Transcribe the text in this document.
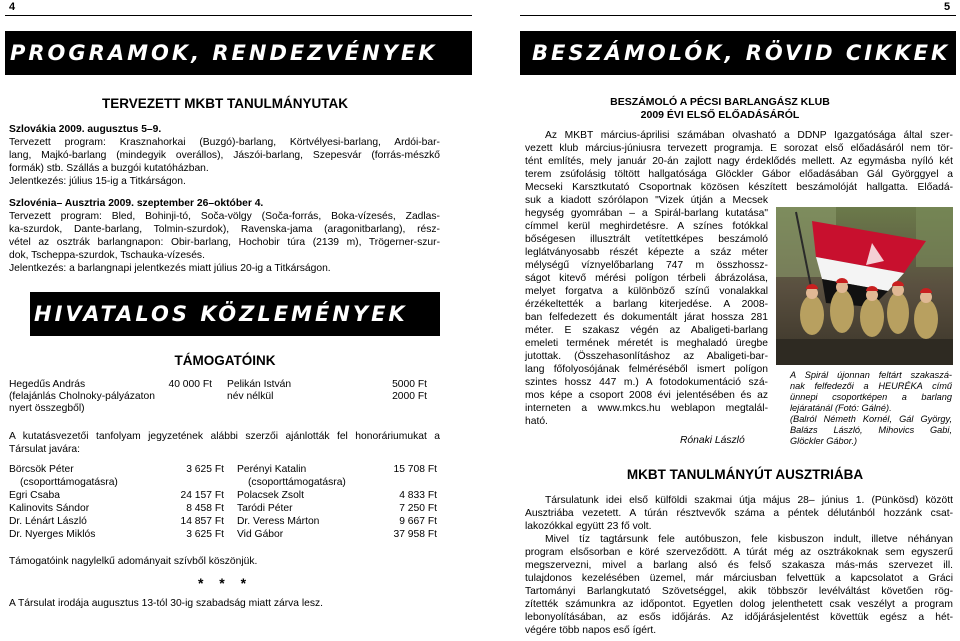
4
PROGRAMOK, RENDEZVÉNYEK
TERVEZETT MKBT TANULMÁNYUTAK
Szlovákia 2009. augusztus 5–9.
Tervezett program: Krasznahorkai (Buzgó)-barlang, Körtvélyesi-barlang, Ardói-bar-
lang, Majkó-barlang (mindegyik overállos), Jászói-barlang, Szepesvár (forrás-mészkő
formák) stb. Szállás a buzgói kutatóházban.
Jelentkezés: július 15-ig a Titkárságon.
Szlovénia– Ausztria 2009. szeptember 26–október 4.
Tervezett program: Bled, Bohinji-tó, Soča-völgy (Soča-forrás, Boka-vízesés, Zadlas-
ka-szurdok, Dante-barlang, Tolmin-szurdok), Ravenska-jama (aragonitbarlang), rész-
vétel az osztrák barlangnapon: Obir-barlang, Hochobir túra (2139 m), Trögerner-szur-
dok, Tscheppa-szurdok, Tschauka-vízesés.
Jelentkezés: a barlangnapi jelentkezés miatt július 20-ig a Titkárságon.
HIVATALOS KÖZLEMÉNYEK
TÁMOGATÓINK
Hegedűs András	40 000 Ft Pelikán István	5000 Ft
(felajánlás Cholnoky-pályázaton	név nélkül	2000 Ft
nyert összegből)
A kutatásvezetői tanfolyam jegyzetének alábbi szerzői ajánlották fel honoráriumukat a
Társulat javára:
Börcsök Péter	3 625 Ft Perényi Katalin	15 708 Ft
(csoporttámogatásra)	(csoporttámogatásra)
Egri Csaba	24 157 Ft Polacsek Zsolt	4 833 Ft
Kalinovits Sándor	8 458 Ft Taródi Péter	7 250 Ft
Dr. Lénárt László	14 857 Ft Dr. Veress Márton	9 667 Ft
Dr. Nyerges Miklós	3 625 Ft Vid Gábor	37 958 Ft
Támogatóink nagylelkű adományait szívből köszönjük.
* * *
A Társulat irodája augusztus 13-tól 30-ig szabadság miatt zárva lesz.
5
BESZÁMOLÓK, RÖVID CIKKEK
BESZÁMOLÓ A PÉCSI BARLANGÁSZ KLUB
2009 ÉVI ELSŐ ELŐADÁSÁRÓL
Az MKBT március-áprilisi számában olvasható a DDNP Igazgatósága által szer-
vezett klub március-júniusra tervezett programja. E sorozat első előadásáról nem tör-
tént említés, mely január 20-án zajlott nagy érdeklődés mellett. Az egymásba nyíló két
terem zsúfolásig töltött hallgatósága Glöckler Gábor előadásában Gál Györggyel a
Mecseki Karsztkutató Csoportnak közösen készített beszámolóját hallgatta. Előadá-
suk a kiadott szórólapon "Vizek útján a Mecsek
hegység gyomrában – a Spirál-barlang kutatása"
címmel kerül meghirdetésre. A színes fotókkal
bőségesen illusztrált vetítettképes beszámoló
leglátványosabb részét képezte a száz méter
mélységű víznyelőbarlang 747 m összhossz-
ságot kitevő mérési polígon térbeli ábrázolása,
melyet forgatva a különböző színű vonalakkal
érzékeltették a barlang kiterjedése. A 2008-
ban felfedezett és dokumentált járat hossza 281
méter. E szakasz végén az Abaligeti-barlang
emeleti termének méretét is meghaladó üregbe
jutottak. (Összehasonlításhoz az Abaligeti-bar-
lang főfolyosójának felméréséből ismert polígon
szintes hossz 447 m.) A fotodokumentáció szá-
mos képe a csoport 2008 évi jelentésében és az
interneten a www.mkcs.hu weblapon megtalál-
ható.
Rónaki László
A Spirál újonnan feltárt szakaszá-
nak felfedezői a HEURÉKA című
ünnepi csoportképen a barlang
lejáratánál (Fotó: Gálné).
(Balról Németh Kornél, Gál György,
Balázs László, Mihovics Gabi,
Glöckler Gábor.)
MKBT TANULMÁNYÚT AUSZTRIÁBA
Társulatunk idei első külföldi szakmai útja május 28– június 1. (Pünkösd) között
Ausztriába vezetett. A túrán résztvevők száma a péntek délutánból hozzánk csat-
lakozókkal együtt 23 fő volt.
Mivel tíz tagtársunk fele autóbuszon, fele kisbuszon indult, illetve néhányan
program elsősorban e köré szerveződött. A túrát még az osztrákoknak sem egyszerű
megszervezni, mivel a barlang alsó és felső szakasza más-más szervezet ill.
tulajdonos kezelésében üzemel, már márciusban felvettük a kapcsolatot a Gráci
Tartományi Barlangkutató Szövetséggel, akik többször levélváltást követően rög-
zítették számunkra az időpontot. Egyetlen dolog jelenthetett csak veszélyt a program
lebonyolításában, az esős időjárás. Az időjárásjelentést követtük egész a hét-
végére több napos eső ígért.
